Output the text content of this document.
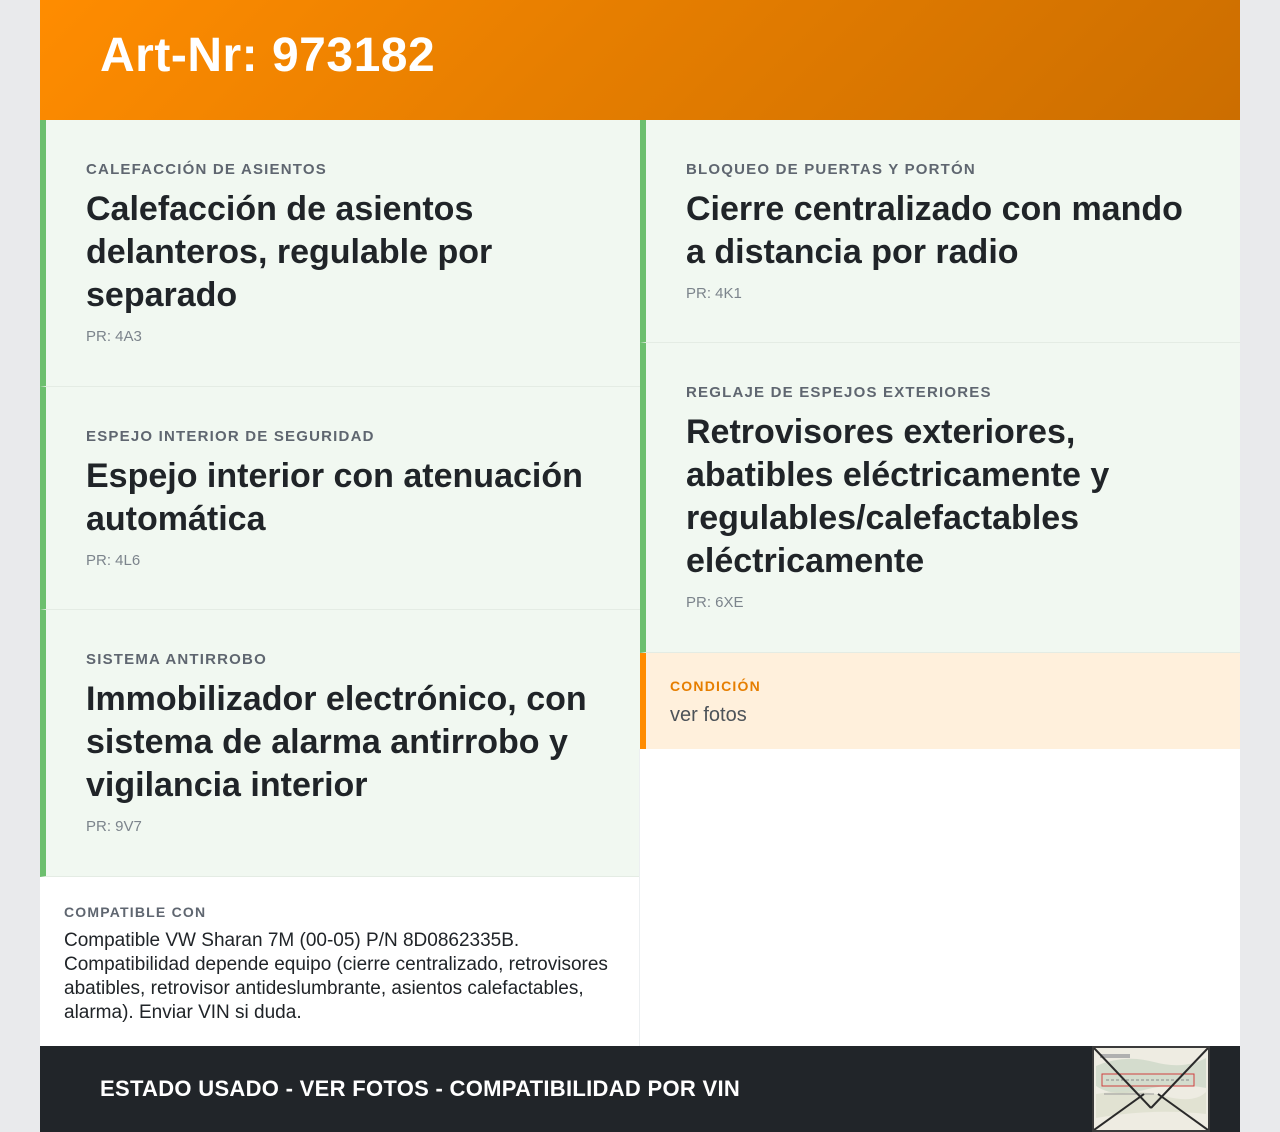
Art-Nr: 973182
CALEFACCIÓN DE ASIENTOS
Calefacción de asientos delanteros, regulable por separado
PR: 4A3
ESPEJO INTERIOR DE SEGURIDAD
Espejo interior con atenuación automática
PR: 4L6
SISTEMA ANTIRROBO
Immobilizador electrónico, con sistema de alarma antirrobo y vigilancia interior
PR: 9V7
BLOQUEO DE PUERTAS Y PORTÓN
Cierre centralizado con mando a distancia por radio
PR: 4K1
REGLAJE DE ESPEJOS EXTERIORES
Retrovisores exteriores, abatibles eléctricamente y regulables/calefactables eléctricamente
PR: 6XE
CONDICIÓN
ver fotos
COMPATIBLE CON
Compatible VW Sharan 7M (00-05) P/N 8D0862335B. Compatibilidad depende equipo (cierre centralizado, retrovisores abatibles, retrovisor antideslumbrante, asientos calefactables, alarma). Enviar VIN si duda.
ESTADO USADO - VER FOTOS - COMPATIBILIDAD POR VIN
